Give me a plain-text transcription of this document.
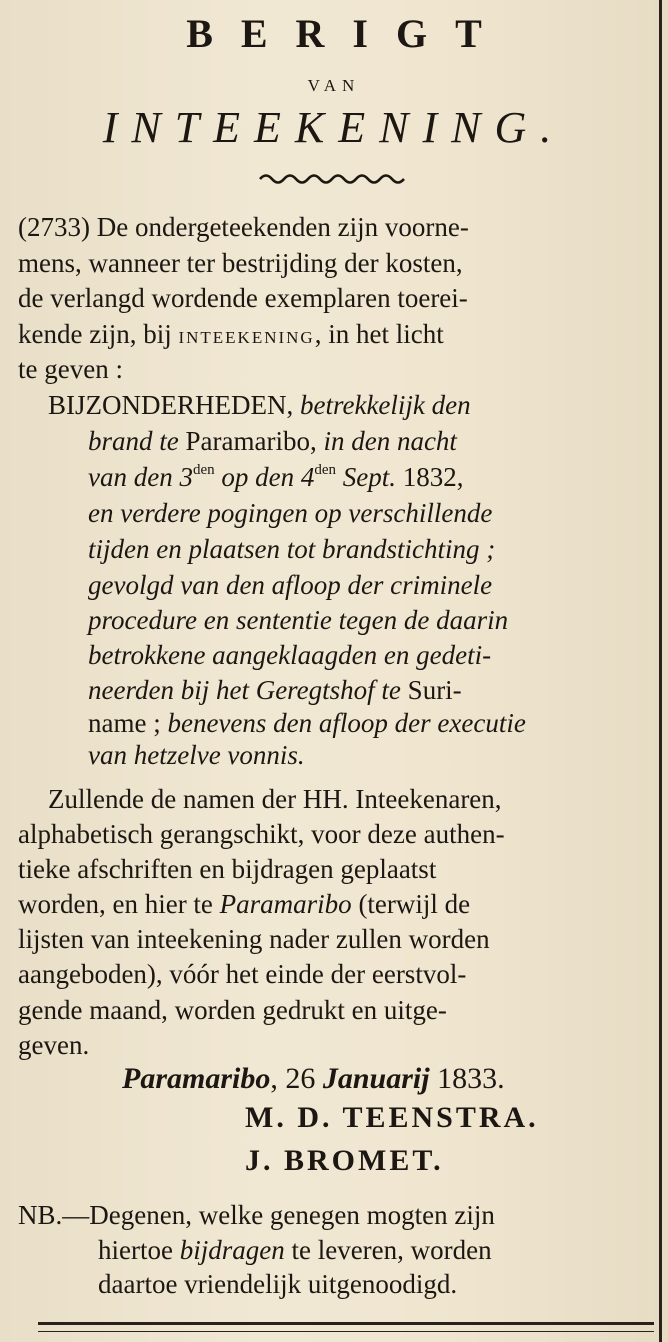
BERIGT
VAN
INTEEKENING.
(2733) De ondergeteekenden zijn voorne-
mens, wanneer ter bestrijding der kosten,
de verlangd wordende exemplaren toerei-
kende zijn, bij INTEEKENING, in het licht
te geven :
BIJZONDERHEDEN, betrekkelijk den
brand te Paramaribo, in den nacht
van den $3^{den}$ op den $4^{den}$ Sept. 1832,
en verdere pogingen op verschillende
tijden en plaatsen tot brandstichting ;
gevolgd van den afloop der criminele
procedure en sententie tegen de daarin
betrokkene aangeklaagden en gedeti-
neerden bij het Geregtshof te Suri-
name ; benevens den afloop der executie
van hetzelve vonnis.
Zullende de namen der HH. Inteekenaren,
alphabetisch gerangschikt, voor deze authen-
tieke afschriften en bijdragen geplaatst
worden, en hier te Paramaribo (terwijl de
lijsten van inteekening nader zullen worden
aangeboden), vóór het einde der eerstvol-
gende maand, worden gedrukt en uitge-
geven.
Paramaribo, 26 Januarij 1833.
M. D. TEENSTRA.
J. BROMET.
NB.—Degenen, welke genegen mogten zijn
hiertoe bijdragen te leveren, worden
daartoe vriendelijk uitgenoodigd.
